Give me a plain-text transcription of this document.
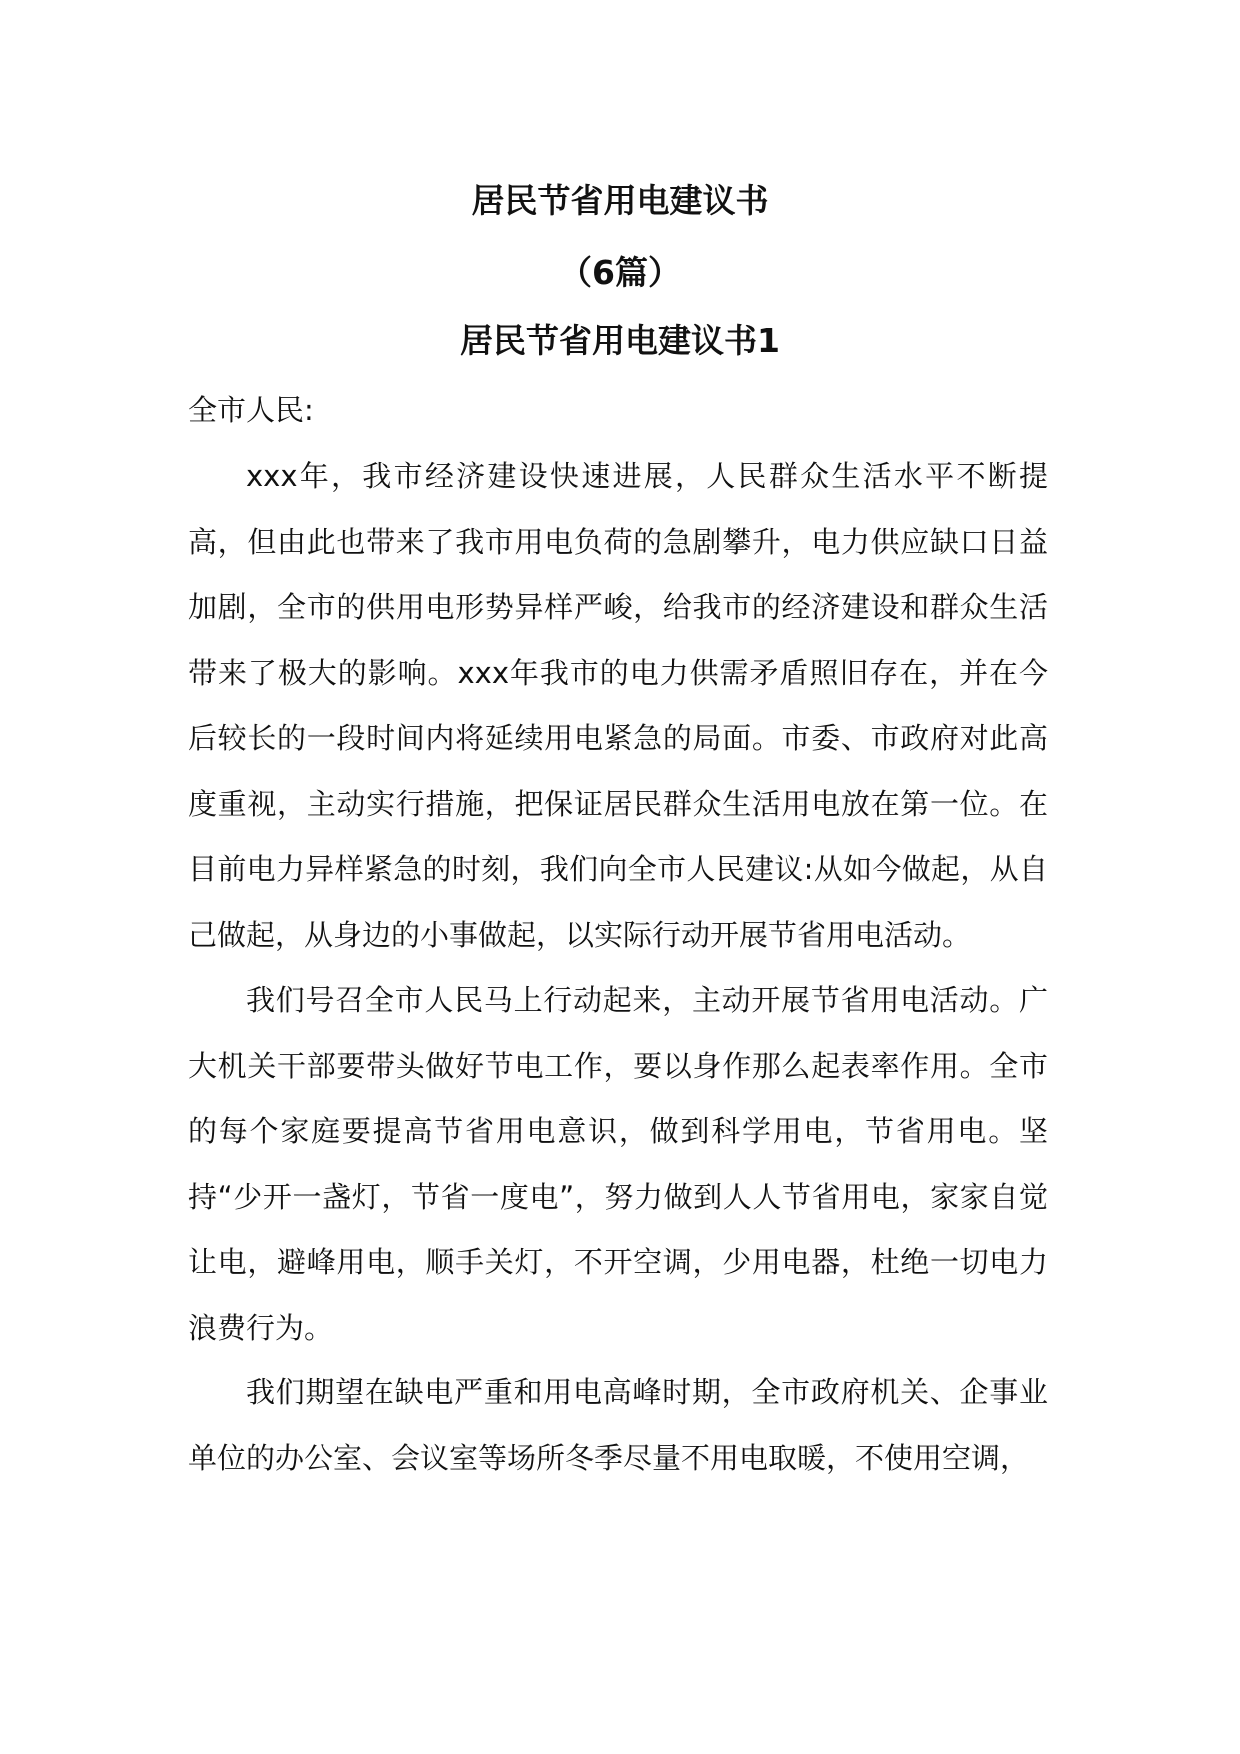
居民节省用电建议书
（6篇）
居民节省用电建议书1
全市人民:

xxx年，我市经济建设快速进展，人民群众生活水平不断提高，但由此也带来了我市用电负荷的急剧攀升，电力供应缺口日益加剧，全市的供用电形势异样严峻，给我市的经济建设和群众生活带来了极大的影响。xxx年我市的电力供需矛盾照旧存在，并在今后较长的一段时间内将延续用电紧急的局面。市委、市政府对此高度重视，主动实行措施，把保证居民群众生活用电放在第一位。在目前电力异样紧急的时刻，我们向全市人民建议:从如今做起，从自己做起，从身边的小事做起，以实际行动开展节省用电活动。

我们号召全市人民马上行动起来，主动开展节省用电活动。广大机关干部要带头做好节电工作，要以身作那么起表率作用。全市的每个家庭要提高节省用电意识，做到科学用电，节省用电。坚持“少开一盏灯，节省一度电”，努力做到人人节省用电，家家自觉让电，避峰用电，顺手关灯，不开空调，少用电器，杜绝一切电力浪费行为。

我们期望在缺电严重和用电高峰时期，全市政府机关、企事业单位的办公室、会议室等场所冬季尽量不用电取暖，不使用空调，
